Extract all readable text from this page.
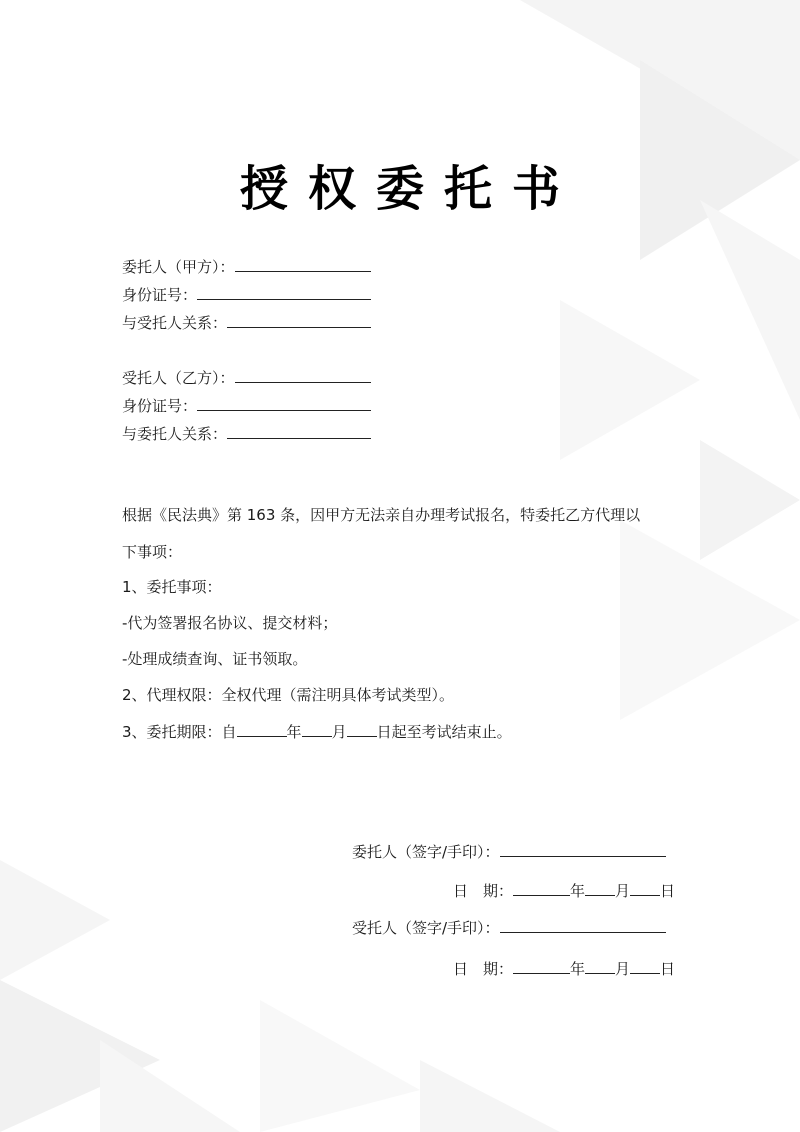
授权委托书
委托人（甲方）：
身份证号：
与受托人关系：
受托人（乙方）：
身份证号：
与委托人关系：
根据《民法典》第 163 条，因甲方无法亲自办理考试报名，特委托乙方代理以
下事项：
1、委托事项：
-代为签署报名协议、提交材料；
-处理成绩查询、证书领取。
2、代理权限：全权代理（需注明具体考试类型）。
3、委托期限：自	年 月 日起至考试结束止。
委托人（签字/手印）：
日　期：	年 月 日
受托人（签字/手印）：
日　期：	年 月 日
